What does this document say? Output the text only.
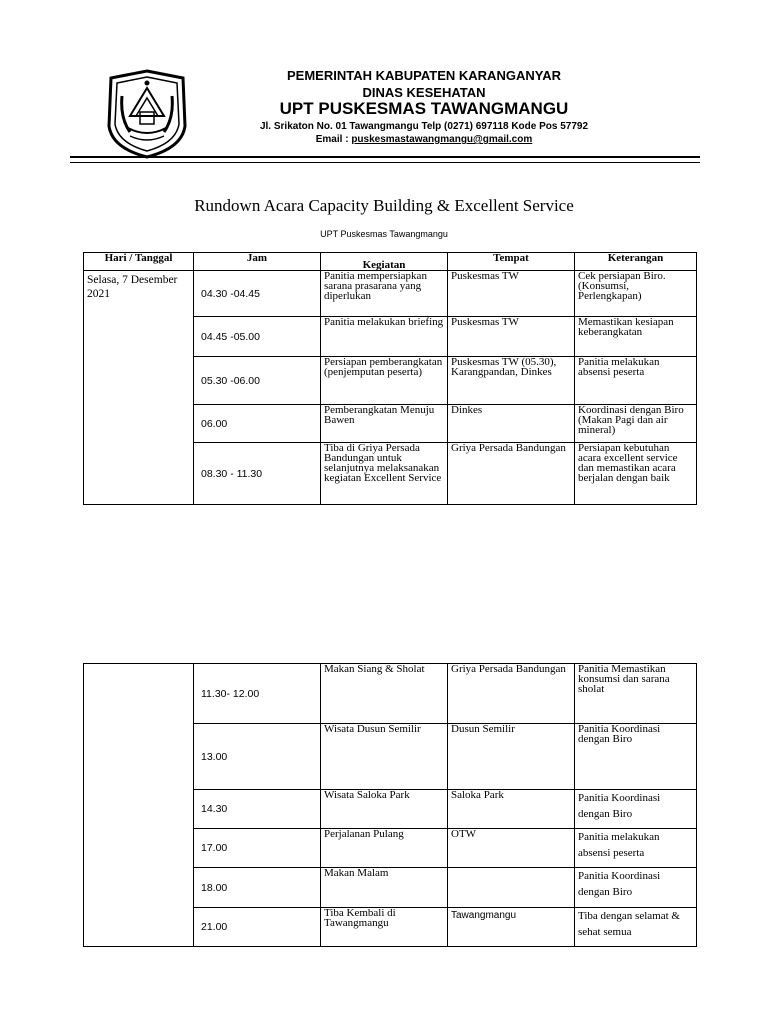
PEMERINTAH KABUPATEN KARANGANYAR
DINAS KESEHATAN
UPT PUSKESMAS TAWANGMANGU
Jl. Srikaton No. 01 Tawangmangu Telp (0271) 697118 Kode Pos 57792
Email : puskesmastawangmangu@gmail.com
Rundown Acara Capacity Building & Excellent Service
UPT Puskesmas Tawangmangu
Hari / Tanggal	Jam	Kegiatan	Tempat	Keterangan
Selasa, 7 Desember 2021	04.30 -04.45	Panitia mempersiapkan sarana prasarana yang diperlukan	Puskesmas TW	Cek persiapan Biro. (Konsumsi, Perlengkapan)
	04.45 -05.00	Panitia melakukan briefing	Puskesmas TW	Memastikan kesiapan keberangkatan
	05.30 -06.00	Persiapan pemberangkatan (penjemputan peserta)	Puskesmas TW (05.30), Karangpandan, Dinkes	Panitia melakukan absensi peserta
	06.00	Pemberangkatan Menuju Bawen	Dinkes	Koordinasi dengan Biro (Makan Pagi dan air mineral)
	08.30 - 11.30	Tiba di Griya Persada Bandungan untuk selanjutnya melaksanakan kegiatan Excellent Service	Griya Persada Bandungan	Persiapan kebutuhan acara excellent service dan memastikan acara berjalan dengan baik
	11.30- 12.00	Makan Siang & Sholat	Griya Persada Bandungan	Panitia Memastikan konsumsi dan sarana sholat
	13.00	Wisata Dusun Semilir	Dusun Semilir	Panitia Koordinasi dengan Biro
	14.30	Wisata Saloka Park	Saloka Park	Panitia Koordinasi dengan Biro
	17.00	Perjalanan Pulang	OTW	Panitia melakukan absensi peserta
	18.00	Makan Malam		Panitia Koordinasi dengan Biro
	21.00	Tiba Kembali di Tawangmangu	Tawangmangu	Tiba dengan selamat & sehat semua
